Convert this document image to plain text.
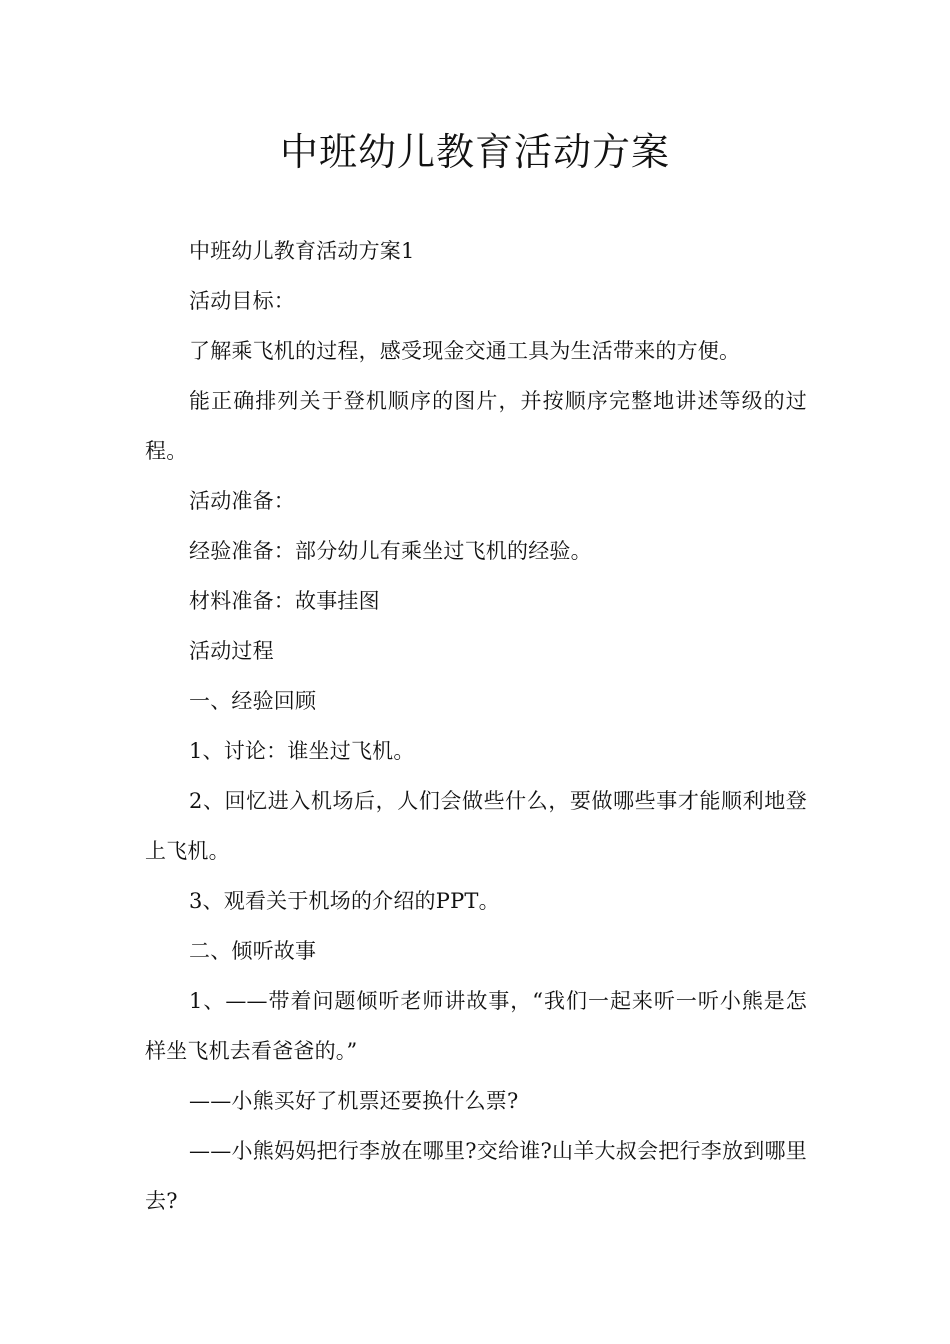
中班幼儿教育活动方案

中班幼儿教育活动方案1

活动目标：

了解乘飞机的过程，感受现金交通工具为生活带来的方便。

能正确排列关于登机顺序的图片，并按顺序完整地讲述等级的过程。

活动准备：

经验准备：部分幼儿有乘坐过飞机的经验。

材料准备：故事挂图

活动过程

一、经验回顾

1、讨论：谁坐过飞机。

2、回忆进入机场后，人们会做些什么，要做哪些事才能顺利地登上飞机。

3、观看关于机场的介绍的PPT。

二、倾听故事

1、——带着问题倾听老师讲故事，“我们一起来听一听小熊是怎样坐飞机去看爸爸的。”

——小熊买好了机票还要换什么票?

——小熊妈妈把行李放在哪里?交给谁?山羊大叔会把行李放到哪里去?
